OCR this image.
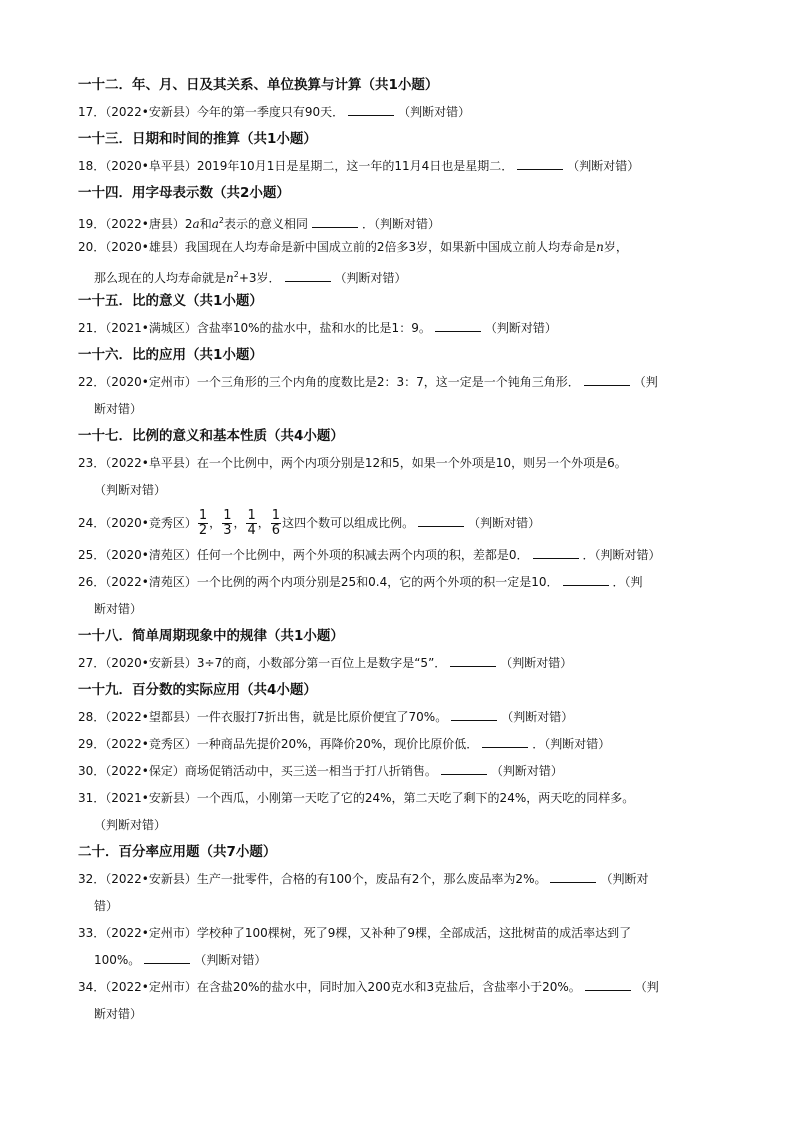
一十二．年、月、日及其关系、单位换算与计算（共1小题）
17．（2022•安新县）今年的第一季度只有90天．	（判断对错）
一十三．日期和时间的推算（共1小题）
18．（2020•阜平县）2019年10月1日是星期二，这一年的11月4日也是星期二．	（判断对错）
一十四．用字母表示数（共2小题）
19．（2022•唐县）2a和$a^2$表示的意义相同	．（判断对错）
20．（2020•雄县）我国现在人均寿命是新中国成立前的2倍多3岁，如果新中国成立前人均寿命是n岁，
那么现在的人均寿命就是$n^2+3$岁．	（判断对错）
一十五．比的意义（共1小题）
21．（2021•满城区）含盐率10%的盐水中，盐和水的比是1：9。	（判断对错）
一十六．比的应用（共1小题）
22．（2020•定州市）一个三角形的三个内角的度数比是2：3：7，这一定是一个钝角三角形．	（判
断对错）
一十七．比例的意义和基本性质（共4小题）
23．（2022•阜平县）在一个比例中，两个内项分别是12和5，如果一个外项是10，则另一个外项是6。
（判断对错）
24．（2020•竞秀区） $\frac{1}{2}$ ， $\frac{1}{3}$ ， $\frac{1}{4}$ ， $\frac{1}{6}$ 这四个数可以组成比例。	（判断对错）
25．（2020•清苑区）任何一个比例中，两个外项的积减去两个内项的积，差都是0．	．（判断对错）
26．（2022•清苑区）一个比例的两个内项分别是25和0.4，它的两个外项的积一定是10．	．（判
断对错）
一十八．简单周期现象中的规律（共1小题）
27．（2020•安新县）3÷7的商，小数部分第一百位上是数字是“5”．	（判断对错）
一十九．百分数的实际应用（共4小题）
28．（2022•望都县）一件衣服打7折出售，就是比原价便宜了70%。	（判断对错）
29．（2022•竞秀区）一种商品先提价20%，再降价20%，现价比原价低．	．（判断对错）
30．（2022•保定）商场促销活动中，买三送一相当于打八折销售。	（判断对错）
31．（2021•安新县）一个西瓜，小刚第一天吃了它的24%，第二天吃了剩下的24%，两天吃的同样多。
（判断对错）
二十．百分率应用题（共7小题）
32．（2022•安新县）生产一批零件，合格的有100个，废品有2个，那么废品率为2%。	（判断对
错）
33．（2022•定州市）学校种了100棵树，死了9棵，又补种了9棵，全部成活，这批树苗的成活率达到了
100%。	（判断对错）
34．（2022•定州市）在含盐20%的盐水中，同时加入200克水和3克盐后，含盐率小于20%。	（判
断对错）
